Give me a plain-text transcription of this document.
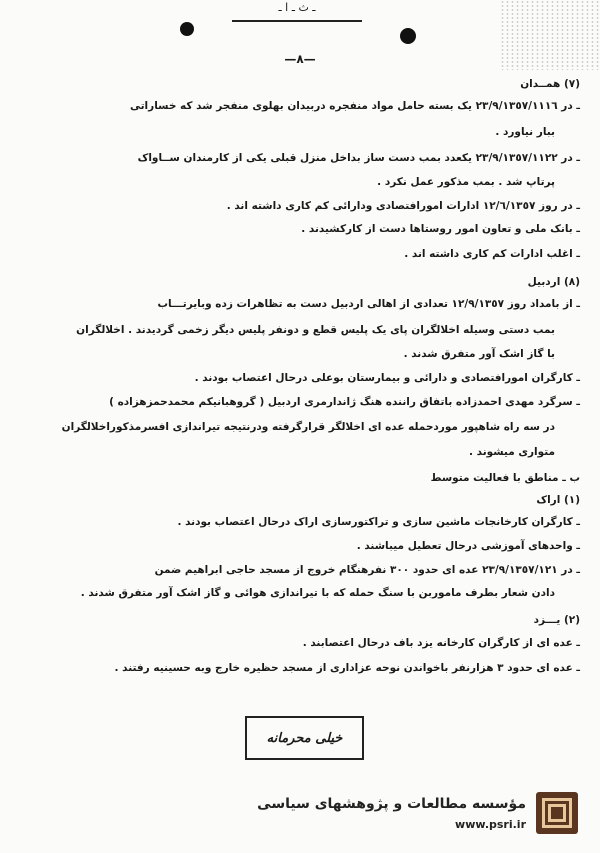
ـ ث ـ ا ـ
—٨—
(٧) همــدان
ـ در ٢٣/٩/١٣٥٧/١١١٦ یک بسته حامل مواد منفجره دربیدان بهلوی منفجر شد که خساراتی
ببار نیاورد .
ـ در ٢٣/٩/١٣٥٧/١١٢٢ یکعدد بمب دست ساز بداخل منزل قبلی یکی از کارمندان ســاواک
پرتاپ شد . بمب مذکور عمل نکرد .
ـ در روز ١٢/٦/١٣٥٧ ادارات امورافتصادی ودارائی کم کاری داشته اند .
ـ بانک ملی و تعاون امور روستاها دست از کارکشیدند .
ـ اغلب ادارات کم کاری داشته اند .
(٨) اردبیل
ـ از بامداد روز ١٢/٩/١٣٥٧ تعدادی از اهالی اردبیل دست به تظاهرات زده وبایرتـــاب
بمب دستی وسیله اخلالگران پای یک پلیس قطع و دونفر پلیس دیگر زخمی گردیدند . اخلالگران
با گاز اشک آور متفرق شدند .
ـ کارگران امورافتصادی و دارائی و بیمارستان بوعلی درحال اعتصاب بودند .
ـ سرگرد مهدی احمدزاده باتفاق راننده هنگ ژاندارمری اردبیل ( گروهبانیکم محمدحمزهزاده )
در سه راه شاهپور موردحمله عده ای اخلالگر قرارگرفته ودرنتیجه تیراندازی افسرمذکوراخلالگران
متواری میشوند .
ب ـ مناطق با فعالیت متوسط
(١) اراک
ـ کارگران کارخانجات ماشین سازی و تراکتورسازی اراک درحال اعتصاب بودند .
ـ واحدهای آموزشی درحال تعطیل میباشند .
ـ در ٢٣/٩/١٣٥٧/١٢١ عده ای حدود ٣٠٠ نفرهنگام خروج از مسجد حاجی ابراهیم ضمن
دادن شعار بطرف ماموربن با سنگ حمله که با تیراندازی هوائی و گاز اشک آور متفرق شدند .
(٢) یـــزد
ـ عده ای از کارگران کارخانه یزد باف درحال اعتصابند .
ـ عده ای حدود ٣ هزارنفر باخواندن نوحه عزاداری از مسجد حظیره خارج وبه حسینیه رفتند .
خیلی محرمانه
مؤسسه مطالعات و پژوهشهای سیاسی
www.psri.ir
